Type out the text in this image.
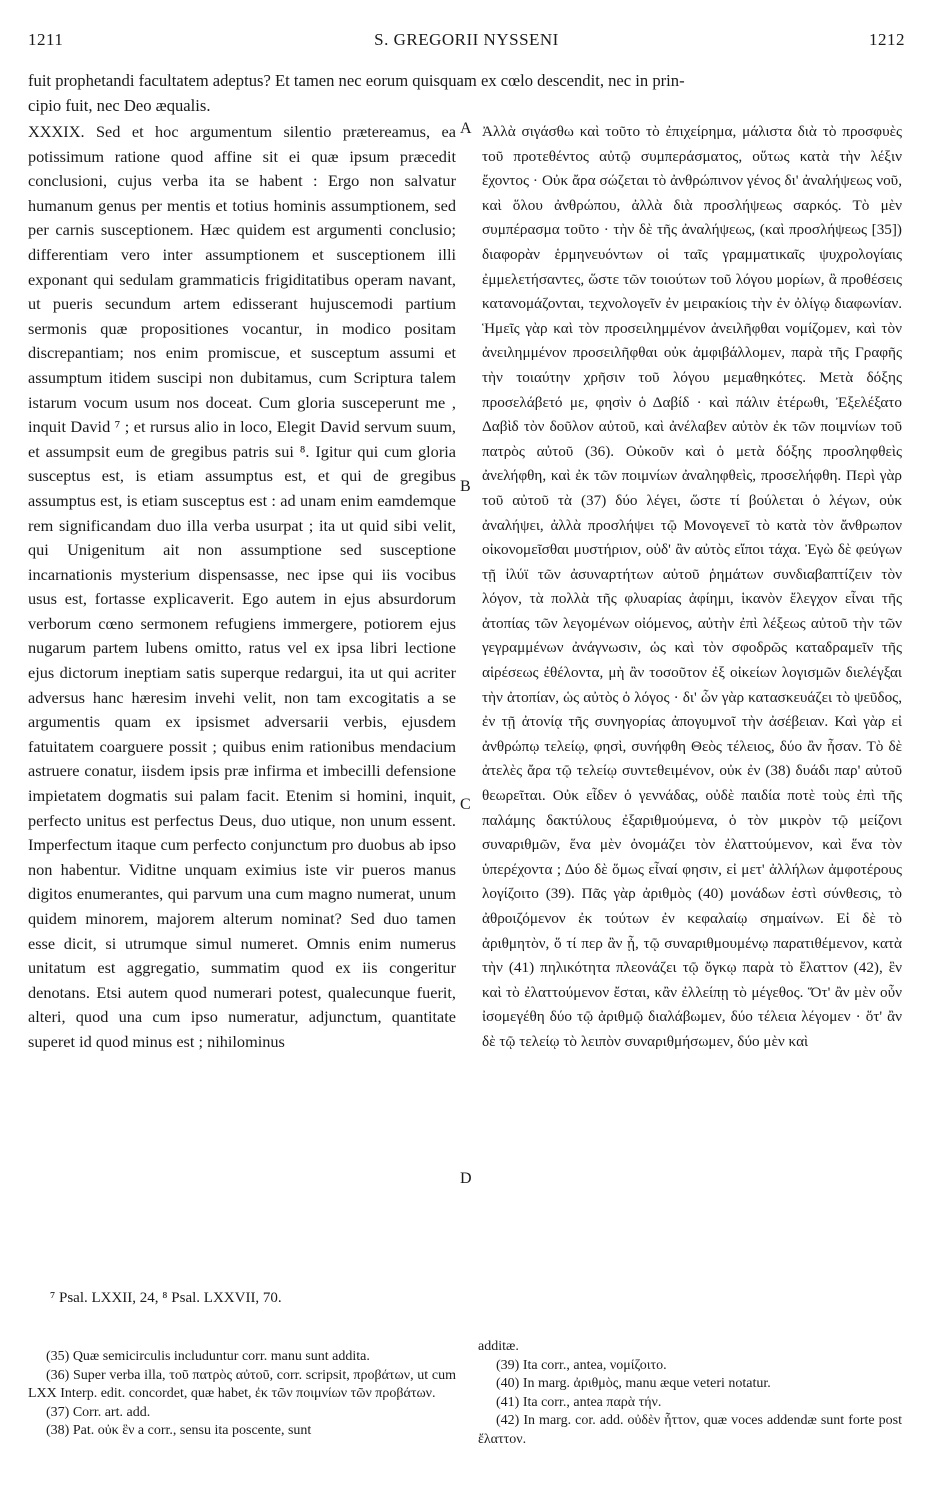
1211	S. GREGORII NYSSENI	1212
fuit prophetandi facultatem adeptus? Et tamen nec eorum quisquam ex cœlo descendit, nec in prin-
cipio fuit, nec Deo æqualis.

XXXIX. Sed et hoc argumentum silentio prætereamus, ea potissimum ratione quod affine sit ei quæ ipsum præcedit conclusioni, cujus verba ita se habent : Ergo non salvatur humanum genus per mentis et totius hominis assumptionem, sed per carnis susceptionem. Hæc quidem est argumenti conclusio; differentiam vero inter assumptionem et susceptionem illi exponant qui sedulam grammaticis frigiditatibus operam navant, ut pueris secundum artem edisserant hujuscemodi partium sermonis quæ propositiones vocantur, in modico positam discrepantiam; nos enim promiscue, et susceptum assumi et assumptum itidem suscipi non dubitamus, cum Scriptura talem istarum vocum usum nos doceat. Cum gloria susceperunt me , inquit David ⁷ ; et rursus alio in loco, Elegit David servum suum, et assumpsit eum de gregibus patris sui ⁸. Igitur qui cum gloria susceptus est, is etiam assumptus est, et qui de gregibus assumptus est, is etiam susceptus est : ad unam enim eamdemque rem significandam duo illa verba usurpat ; ita ut quid sibi velit, qui Unigenitum ait non assumptione sed susceptione incarnationis mysterium dispensasse, nec ipse qui iis vocibus usus est, fortasse explicaverit. Ego autem in ejus absurdorum verborum cœno sermonem refugiens immergere, potiorem ejus nugarum partem lubens omitto, ratus vel ex ipsa libri lectione ejus dictorum ineptiam satis superque redargui, ita ut qui acriter adversus hanc hæresim invehi velit, non tam excogitatis a se argumentis quam ex ipsismet adversarii verbis, ejusdem fatuitatem coarguere possit ; quibus enim rationibus mendacium astruere conatur, iisdem ipsis præ infirma et imbecilli defensione impietatem dogmatis sui palam facit. Etenim si homini, inquit, perfecto unitus est perfectus Deus, duo utique, non unum essent. Imperfectum itaque cum perfecto conjunctum pro duobus ab ipso non habentur. Viditne unquam eximius iste vir pueros manus digitos enumerantes, qui parvum una cum magno numerat, unum quidem minorem, majorem alterum nominat? Sed duo tamen esse dicit, si utrumque simul numeret. Omnis enim numerus unitatum est aggregatio, summatim quod ex iis congeritur denotans. Etsi autem quod numerari potest, qualecunque fuerit, alteri, quod una cum ipso numeratur, adjunctum, quantitate superet id quod minus est ; nihilominus

Ἀλλὰ σιγάσθω καὶ τοῦτο τὸ ἐπιχείρημα, μάλιστα διὰ τὸ προσφυὲς τοῦ προτεθέντος αὐτῷ συμπεράσματος, οὕτως κατὰ τὴν λέξιν ἔχοντος · Οὐκ ἄρα σώζεται τὸ ἀνθρώπινον γένος δι' ἀναλήψεως νοῦ, καὶ ὅλου ἀνθρώπου, ἀλλὰ διὰ προσλήψεως σαρκός. Τὸ μὲν συμπέρασμα τοῦτο · τὴν δὲ τῆς ἀναλήψεως, (καὶ προσλήψεως [35]) διαφορὰν ἑρμηνευόντων οἱ ταῖς γραμματικαῖς ψυχρολογίαις ἐμμελετήσαντες, ὥστε τῶν τοιούτων τοῦ λόγου μορίων, ἃ προθέσεις κατανομάζονται, τεχνολογεῖν ἐν μειρακίοις τὴν ἐν ὀλίγῳ διαφωνίαν. Ἡμεῖς γὰρ καὶ τὸν προσειλημμένον ἀνειλῆφθαι νομίζομεν, καὶ τὸν ἀνειλημμένον προσειλῆφθαι οὐκ ἀμφιβάλλομεν, παρὰ τῆς Γραφῆς τὴν τοιαύτην χρῆσιν τοῦ λόγου μεμαθηκότες. Μετὰ δόξης προσελάβετό με, φησὶν ὁ Δαβίδ · καὶ πάλιν ἑτέρωθι, Ἐξελέξατο Δαβὶδ τὸν δοῦλον αὐτοῦ, καὶ ἀνέλαβεν αὐτὸν ἐκ τῶν ποιμνίων τοῦ πατρὸς αὐτοῦ (36). Οὐκοῦν καὶ ὁ μετὰ δόξης προσληφθεὶς ἀνελήφθη, καὶ ἐκ τῶν ποιμνίων ἀναληφθεὶς, προσελήφθη. Περὶ γὰρ τοῦ αὐτοῦ τὰ (37) δύο λέγει, ὥστε τί βούλεται ὁ λέγων, οὐκ ἀναλήψει, ἀλλὰ προσλήψει τῷ Μονογενεῖ τὸ κατὰ τὸν ἄνθρωπον οἰκονομεῖσθαι μυστήριον, οὐδ' ἂν αὐτὸς εἴποι τάχα. Ἐγὼ δὲ φεύγων τῇ ἰλύϊ τῶν ἀσυναρτήτων αὐτοῦ ῥημάτων συνδιαβαπτίζειν τὸν λόγον, τὰ πολλὰ τῆς φλυαρίας ἀφίημι, ἱκανὸν ἔλεγχον εἶναι τῆς ἀτοπίας τῶν λεγομένων οἰόμενος, αὐτὴν ἐπὶ λέξεως αὐτοῦ τὴν τῶν γεγραμμένων ἀνάγνωσιν, ὡς καὶ τὸν σφοδρῶς καταδραμεῖν τῆς αἱρέσεως ἐθέλοντα, μὴ ἂν τοσοῦτον ἐξ οἰκείων λογισμῶν διελέγξαι τὴν ἀτοπίαν, ὡς αὐτὸς ὁ λόγος · δι' ὧν γὰρ κατασκευάζει τὸ ψεῦδος, ἐν τῇ ἀτονίᾳ τῆς συνηγορίας ἀπογυμνοῖ τὴν ἀσέβειαν. Καὶ γὰρ εἰ ἀνθρώπῳ τελείῳ, φησὶ, συνήφθη Θεὸς τέλειος, δύο ἂν ἦσαν. Τὸ δὲ ἀτελὲς ἄρα τῷ τελείῳ συντεθειμένον, οὐκ ἐν (38) δυάδι παρ' αὐτοῦ θεωρεῖται. Οὐκ εἶδεν ὁ γεννάδας, οὐδὲ παιδία ποτὲ τοὺς ἐπὶ τῆς παλάμης δακτύλους ἐξαριθμούμενα, ὁ τὸν μικρὸν τῷ μείζονι συναριθμῶν, ἕνα μὲν ὀνομάζει τὸν ἐλαττούμενον, καὶ ἕνα τὸν ὑπερέχοντα ; Δύο δὲ ὅμως εἶναί φησιν, εἰ μετ' ἀλλήλων ἀμφοτέρους λογίζοιτο (39). Πᾶς γὰρ ἀριθμὸς (40) μονάδων ἐστὶ σύνθεσις, τὸ ἀθροιζόμενον ἐκ τούτων ἐν κεφαλαίῳ σημαίνων. Εἰ δὲ τὸ ἀριθμητὸν, ὅ τί περ ἂν ᾖ, τῷ συναριθμουμένῳ παρατιθέμενον, κατὰ τὴν (41) πηλικότητα πλεονάζει τῷ ὄγκῳ παρὰ τὸ ἔλαττον (42), ἓν καὶ τὸ ἐλαττούμενον ἔσται, κἂν ἐλλείπῃ τὸ μέγεθος. Ὅτ' ἂν μὲν οὖν ἰσομεγέθη δύο τῷ ἀριθμῷ διαλάβωμεν, δύο τέλεια λέγομεν · ὅτ' ἂν δὲ τῷ τελείῳ τὸ λειπὸν συναριθμήσωμεν, δύο μὲν καὶ

A
B
C
D
⁷ Psal. LXXII, 24, ⁸ Psal. LXXVII, 70.

(35) Quæ semicirculis includuntur corr. manu sunt addita.

(36) Super verba illa, τοῦ πατρὸς αὐτοῦ, corr. scripsit, προβάτων, ut cum LXX Interp. edit. concordet, quæ habet, ἐκ τῶν ποιμνίων τῶν προβάτων.

(37) Corr. art. add.

(38) Pat. οὐκ ἓν a corr., sensu ita poscente, sunt

additæ.

(39) Ita corr., antea, νομίζοιτο.

(40) In marg. ἀριθμὸς, manu æque veteri notatur.

(41) Ita corr., antea παρὰ τήν.

(42) In marg. cor. add. οὐδὲν ἧττον, quæ voces addendæ sunt forte post ἔλαττον.
